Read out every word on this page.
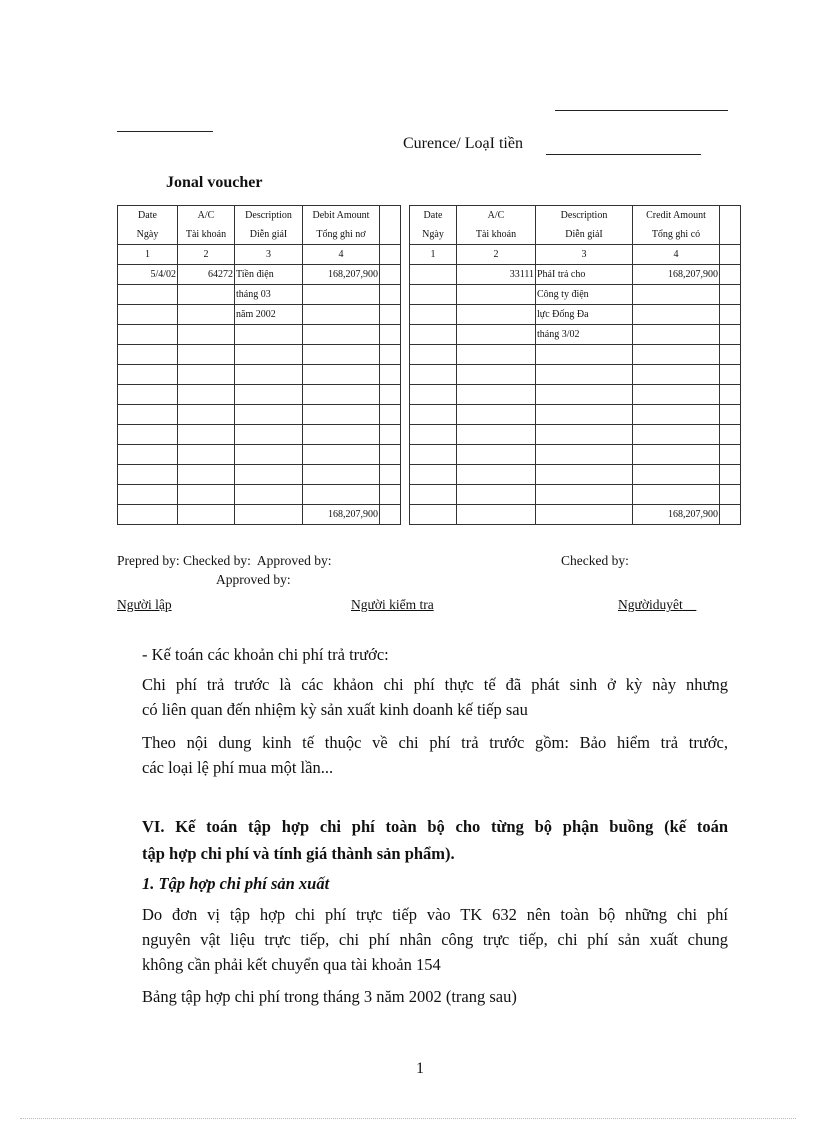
Curence/ LoạI tiền
Jonal voucher
Date	A/C	Description	Debit Amount	
Ngày	Tài khoản	Diễn giảI	Tổng ghi nơ	
1	2	3	4	
5/4/02	64272	Tiền điện	168,207,900	
		tháng 03		
		năm 2002		

			168,207,900	
Date	A/C	Description	Credit Amount	
Ngày	Tài khoản	Diễn giảI	Tổng ghi có	
1	2	3	4	
	33111	PhảI trả cho	168,207,900	
		Công ty điện		
		lực Đống Đa		
		tháng 3/02		

			168,207,900	
Prepred by: Checked by:  Approved by:	Checked by:
Approved by:
Người lập	Người kiểm tra	Ngườiduyêt__
- Kế toán các khoản chi phí trả trước:
Chi phí trả trước là các khảon chi phí thực tế đã phát sinh ở kỳ này nhưng
có liên quan đến nhiệm kỳ sản xuất kinh doanh kế tiếp sau
Theo nội dung kinh tế thuộc về chi phí trả trước gồm: Bảo hiểm trả trước,
các loại lệ phí mua một lần...
VI. Kế toán tập hợp chi phí toàn bộ cho từng bộ phận buồng (kế toán
tập hợp chi phí và tính giá thành sản phẩm).
1. Tập hợp chi phí sản xuất
Do đơn vị tập hợp chi phí trực tiếp vào TK 632 nên toàn bộ những chi phí
nguyên vật liệu trực tiếp, chi phí nhân công trực tiếp, chi phí sản xuất chung
không cần phải kết chuyển qua tài khoản 154
Bảng tập hợp chi phí trong tháng 3 năm 2002 (trang sau)
1
